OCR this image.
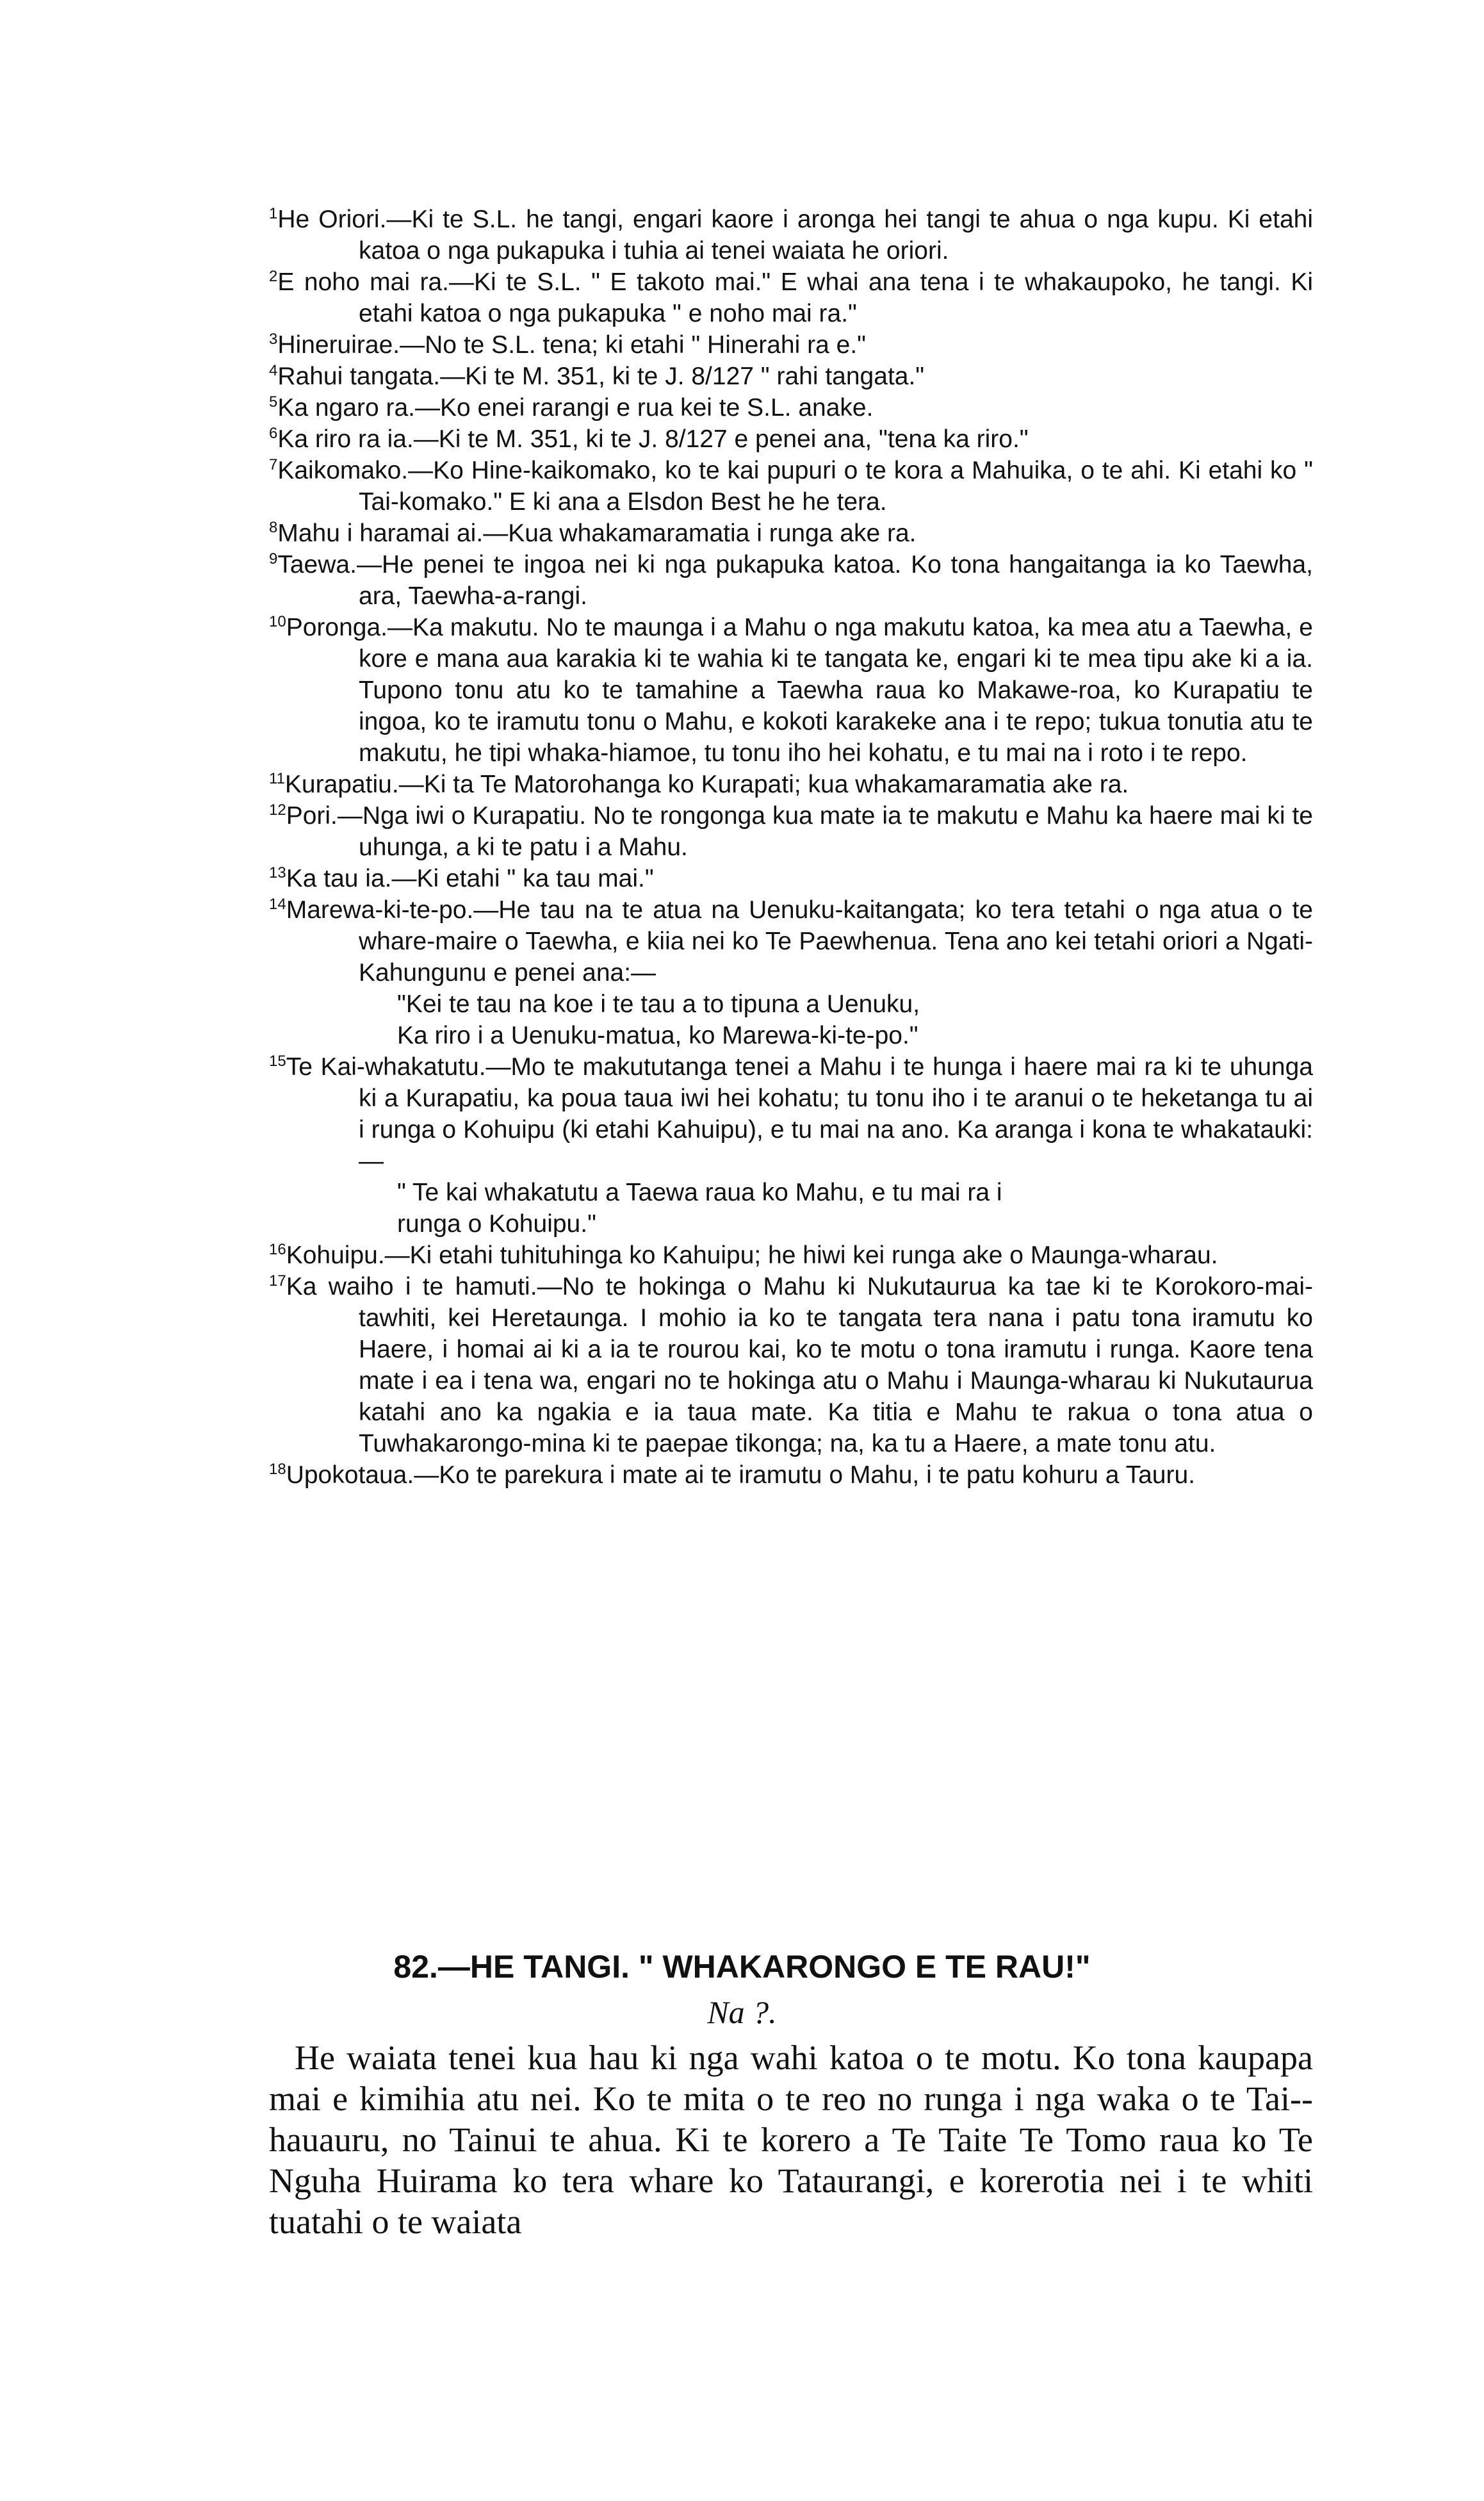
$^1$He Oriori.—Ki te S.L. he tangi, engari kaore i aronga hei tangi te ahua o nga kupu. Ki etahi katoa o nga pukapuka i tuhia ai tenei waiata he oriori.

$^2$E noho mai ra.—Ki te S.L. " E takoto mai." E whai ana tena i te whakaupoko, he tangi. Ki etahi katoa o nga pukapuka " e noho mai ra."

$^3$Hineruirae.—No te S.L. tena; ki etahi " Hinerahi ra e."

$^4$Rahui tangata.—Ki te M. 351, ki te J. 8/127 " rahi tangata."

$^5$Ka ngaro ra.—Ko enei rarangi e rua kei te S.L. anake.

$^6$Ka riro ra ia.—Ki te M. 351, ki te J. 8/127 e penei ana, "tena ka riro."

$^7$Kaikomako.—Ko Hine-kaikomako, ko te kai pupuri o te kora a Mahuika, o te ahi. Ki etahi ko " Tai-komako." E ki ana a Elsdon Best he he tera.

$^8$Mahu i haramai ai.—Kua whakamaramatia i runga ake ra.

$^9$Taewa.—He penei te ingoa nei ki nga pukapuka katoa. Ko tona hangaitanga ia ko Taewha, ara, Taewha-a-rangi.

$^{10}$Poronga.—Ka makutu. No te maunga i a Mahu o nga makutu katoa, ka mea atu a Taewha, e kore e mana aua karakia ki te wahia ki te tangata ke, engari ki te mea tipu ake ki a ia. Tupono tonu atu ko te tamahine a Taewha raua ko Makawe-roa, ko Kurapatiu te ingoa, ko te iramutu tonu o Mahu, e kokoti karakeke ana i te repo; tukua tonutia atu te makutu, he tipi whaka-hiamoe, tu tonu iho hei kohatu, e tu mai na i roto i te repo.

$^{11}$Kurapatiu.—Ki ta Te Matorohanga ko Kurapati; kua whakamaramatia ake ra.

$^{12}$Pori.—Nga iwi o Kurapatiu. No te rongonga kua mate ia te makutu e Mahu ka haere mai ki te uhunga, a ki te patu i a Mahu.

$^{13}$Ka tau ia.—Ki etahi " ka tau mai."

$^{14}$Marewa-ki-te-po.—He tau na te atua na Uenuku-kaitangata; ko tera tetahi o nga atua o te whare-maire o Taewha, e kiia nei ko Te Paewhenua. Tena ano kei tetahi oriori a Ngati-Kahungunu e penei ana:—

"Kei te tau na koe i te tau a to tipuna a Uenuku,

Ka riro i a Uenuku-matua, ko Marewa-ki-te-po."

$^{15}$Te Kai-whakatutu.—Mo te makututanga tenei a Mahu i te hunga i haere mai ra ki te uhunga ki a Kurapatiu, ka poua taua iwi hei kohatu; tu tonu iho i te aranui o te heketanga tu ai i runga o Kohuipu (ki etahi Kahuipu), e tu mai na ano. Ka aranga i kona te whakatauki:—

" Te kai whakatutu a Taewa raua ko Mahu, e tu mai ra i

runga o Kohuipu."

$^{16}$Kohuipu.—Ki etahi tuhituhinga ko Kahuipu; he hiwi kei runga ake o Maunga-wharau.

$^{17}$Ka waiho i te hamuti.—No te hokinga o Mahu ki Nukutaurua ka tae ki te Korokoro-mai-tawhiti, kei Heretaunga. I mohio ia ko te tangata tera nana i patu tona iramutu ko Haere, i homai ai ki a ia te rourou kai, ko te motu o tona iramutu i runga. Kaore tena mate i ea i tena wa, engari no te hokinga atu o Mahu i Maunga-wharau ki Nukutaurua katahi ano ka ngakia e ia taua mate. Ka titia e Mahu te rakua o tona atua o Tuwhakarongo-mina ki te paepae tikonga; na, ka tu a Haere, a mate tonu atu.

$^{18}$Upokotaua.—Ko te parekura i mate ai te iramutu o Mahu, i te patu kohuru a Tauru.

82.—HE TANGI. " WHAKARONGO E TE RAU!"
Na ?.

He waiata tenei kua hau ki nga wahi katoa o te motu. Ko tona kaupapa mai e kimihia atu nei. Ko te mita o te reo no runga i nga waka o te Tai--hauauru, no Tainui te ahua. Ki te korero a Te Taite Te Tomo raua ko Te Nguha Huirama ko tera whare ko Tataurangi, e korerotia nei i te whiti tuatahi o te waiata
